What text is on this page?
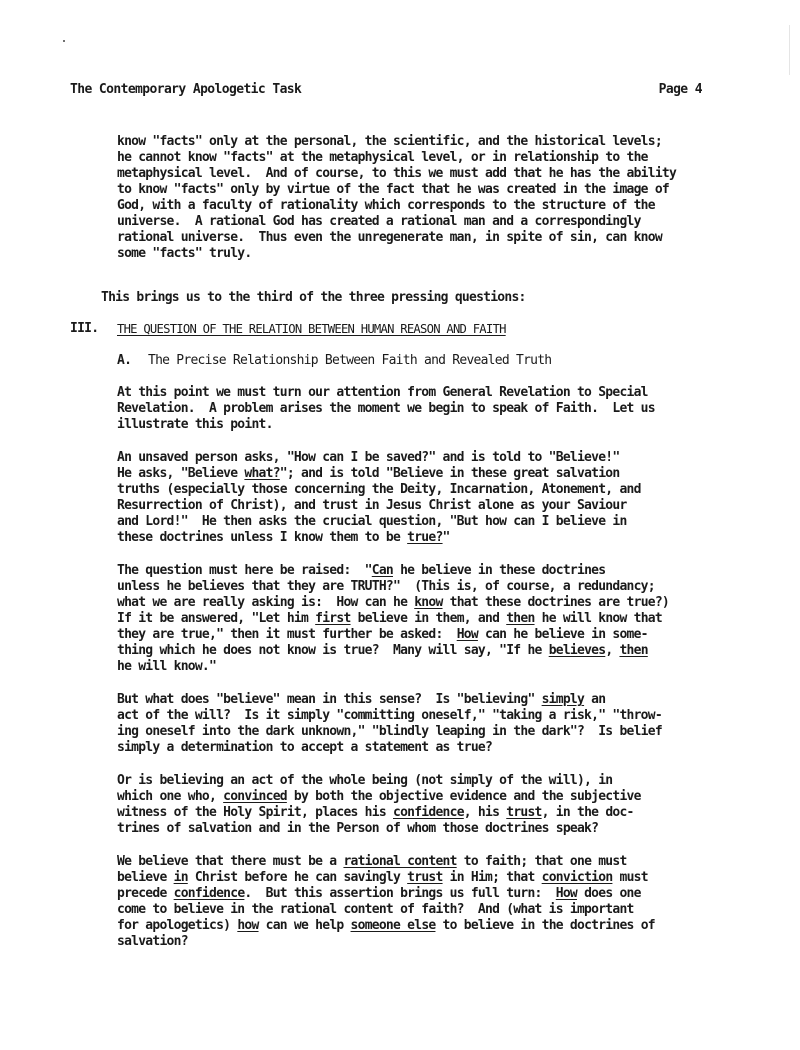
The Contemporary Apologetic Task	Page 4
know "facts" only at the personal, the scientific, and the historical levels;
he cannot know "facts" at the metaphysical level, or in relationship to the
metaphysical level.  And of course, to this we must add that he has the ability
to know "facts" only by virtue of the fact that he was created in the image of
God, with a faculty of rationality which corresponds to the structure of the
universe.  A rational God has created a rational man and a correspondingly
rational universe.  Thus even the unregenerate man, in spite of sin, can know
some "facts" truly.
This brings us to the third of the three pressing questions:
III. THE QUESTION OF THE RELATION BETWEEN HUMAN REASON AND FAITH
A. The Precise Relationship Between Faith and Revealed Truth
At this point we must turn our attention from General Revelation to Special
Revelation.  A problem arises the moment we begin to speak of Faith.  Let us
illustrate this point.
An unsaved person asks, "How can I be saved?" and is told to "Believe!"
He asks, "Believe what?"; and is told "Believe in these great salvation
truths (especially those concerning the Deity, Incarnation, Atonement, and
Resurrection of Christ), and trust in Jesus Christ alone as your Saviour
and Lord!"  He then asks the crucial question, "But how can I believe in
these doctrines unless I know them to be true?"
The question must here be raised:  "Can he believe in these doctrines
unless he believes that they are TRUTH?"  (This is, of course, a redundancy;
what we are really asking is:  How can he know that these doctrines are true?)
If it be answered, "Let him first believe in them, and then he will know that
they are true," then it must further be asked:  How can he believe in some-
thing which he does not know is true?  Many will say, "If he believes, then
he will know."
But what does "believe" mean in this sense?  Is "believing" simply an
act of the will?  Is it simply "committing oneself," "taking a risk," "throw-
ing oneself into the dark unknown," "blindly leaping in the dark"?  Is belief
simply a determination to accept a statement as true?
Or is believing an act of the whole being (not simply of the will), in
which one who, convinced by both the objective evidence and the subjective
witness of the Holy Spirit, places his confidence, his trust, in the doc-
trines of salvation and in the Person of whom those doctrines speak?
We believe that there must be a rational content to faith; that one must
believe in Christ before he can savingly trust in Him; that conviction must
precede confidence.  But this assertion brings us full turn:  How does one
come to believe in the rational content of faith?  And (what is important
for apologetics) how can we help someone else to believe in the doctrines of
salvation?
